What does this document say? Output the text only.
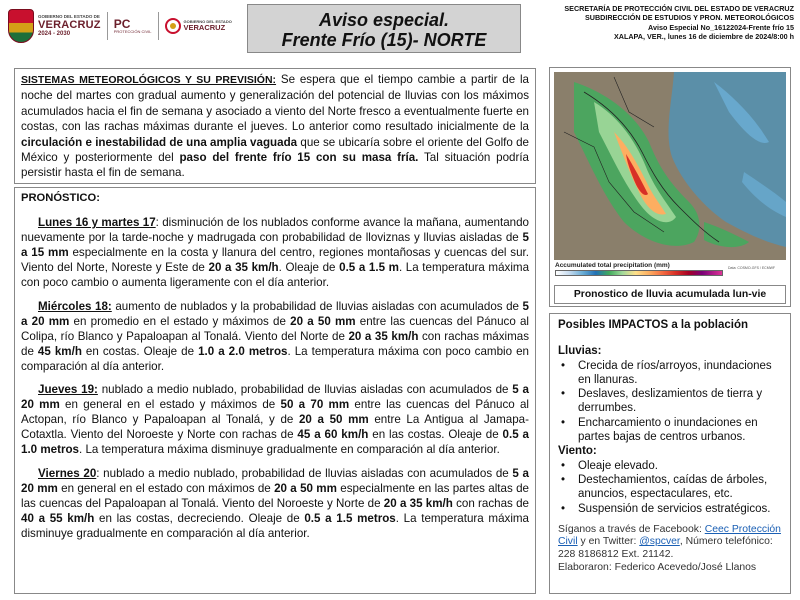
GOBIERNO DEL ESTADO DE
VERACRUZ
2024 - 2030
PC
PROTECCIÓN CIVIL
GOBIERNO DEL ESTADO
VERACRUZ	Aviso especial.
Frente Frío (15)- NORTE
SECRETARÍA DE PROTECCIÓN CIVIL DEL ESTADO DE VERACRUZ
SUBDIRECCIÓN DE ESTUDIOS Y PRON. METEOROLÓGICOS
Aviso Especial No_16122024-Frente frío 15
XALAPA, VER., lunes 16 de diciembre de 2024/8:00 h
SISTEMAS METEOROLÓGICOS Y SU PREVISIÓN: Se espera que el tiempo cambie a partir de la noche del martes con gradual aumento y generalización del potencial de lluvias con los máximos acumulados hacia el fin de semana y asociado a viento del Norte fresco a eventualmente fuerte en costas, con las rachas máximas durante el jueves. Lo anterior como resultado inicialmente de la circulación e inestabilidad de una amplia vaguada que se ubicaría sobre el oriente del Golfo de México y posteriormente del paso del frente frío 15 con su masa fría. Tal situación podría persistir hasta el fin de semana.
PRONÓSTICO:
Lunes 16 y martes 17: disminución de los nublados conforme avance la mañana, aumentando nuevamente por la tarde-noche y madrugada con probabilidad de lloviznas y lluvias aisladas de 5 a 15 mm especialmente en la costa y llanura del centro, regiones montañosas y cuencas del sur. Viento del Norte, Noreste y Este de 20 a 35 km/h. Oleaje de 0.5 a 1.5 m. La temperatura máxima con poco cambio o aumenta ligeramente con el día anterior.
Miércoles 18: aumento de nublados y la probabilidad de lluvias aisladas con acumulados de 5 a 20 mm en promedio en el estado y máximos de 20 a 50 mm entre las cuencas del Pánuco al Colipa, río Blanco y Papaloapan al Tonalá. Viento del Norte de 20 a 35 km/h con rachas máximas de 45 km/h en costas. Oleaje de 1.0 a 2.0 metros. La temperatura máxima con poco cambio en comparación al día anterior.
Jueves 19: nublado a medio nublado, probabilidad de lluvias aisladas con acumulados de 5 a 20 mm en general en el estado y máximos de 50 a 70 mm entre las cuencas del Pánuco al Actopan, río Blanco y Papaloapan al Tonalá, y de 20 a 50 mm entre La Antigua al Jamapa-Cotaxtla. Viento del Noroeste y Norte con rachas de 45 a 60 km/h en las costas. Oleaje de 0.5 a 1.0 metros. La temperatura máxima disminuye gradualmente en comparación al día anterior.
Viernes 20: nublado a medio nublado, probabilidad de lluvias aisladas con acumulados de 5 a 20 mm en general en el estado con máximos de 20 a 50 mm especialmente en las partes altas de las cuencas del Papaloapan al Tonalá. Viento del Noroeste y Norte de 20 a 35 km/h con rachas de 40 a 55 km/h en las costas, decreciendo. Oleaje de 0.5 a 1.5 metros. La temperatura máxima disminuye gradualmente en comparación al día anterior.
Accumulated total precipitation (mm)	Data: COSMO-GFS / ECMWF
Pronostico de lluvia acumulada lun-vie
Posibles IMPACTOS a la población
Lluvias:
• Crecida de ríos/arroyos, inundaciones en llanuras.
• Deslaves, deslizamientos de tierra y derrumbes.
• Encharcamiento o inundaciones en partes bajas de centros urbanos.
Viento:
• Oleaje elevado.
• Destechamientos, caídas de árboles, anuncios, espectaculares, etc.
• Suspensión de servicios estratégicos.
Síganos a través de Facebook: Ceec Protección Civil y en Twitter: @spcver, Número telefónico: 228 8186812 Ext. 21142.
Elaboraron: Federico Acevedo/José Llanos
